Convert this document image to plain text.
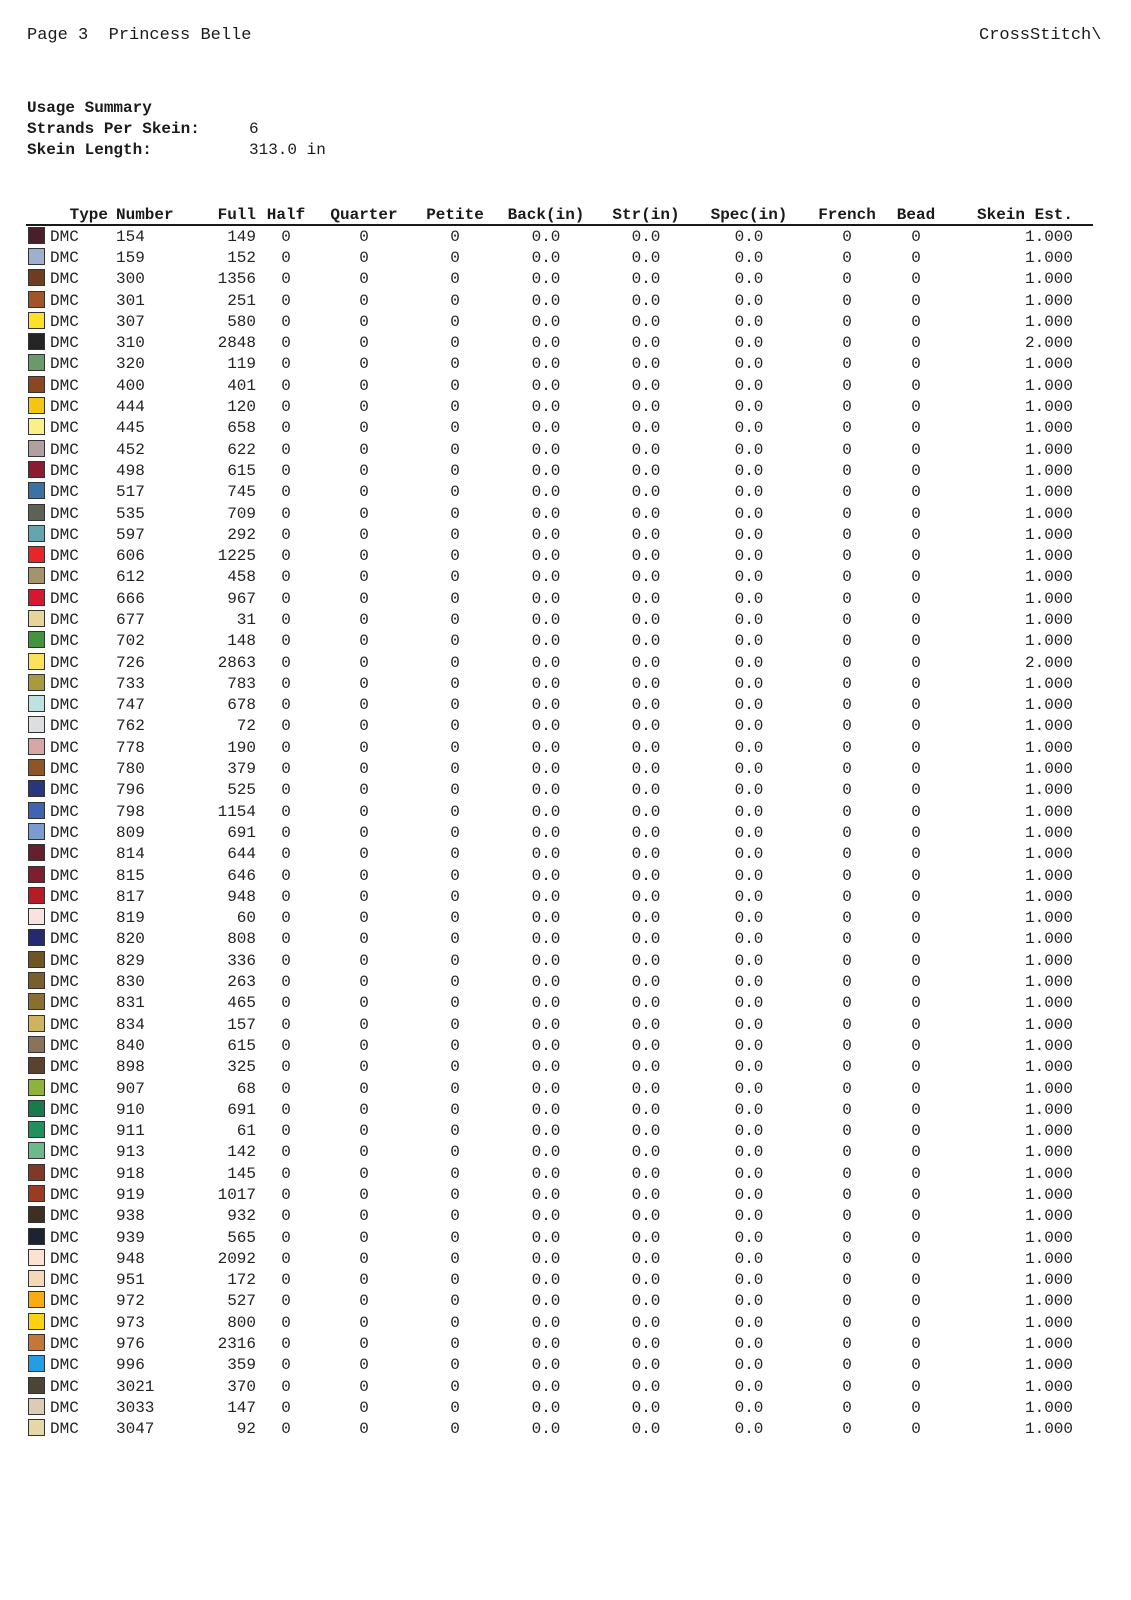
Page 3 Princess Belle	CrossStitch\
Usage Summary
Strands Per Skein:	6
Skein Length:	313.0 in
	Type	Number	Full	Half	Quarter	Petite	Back(in)	Str(in)	Spec(in)	French	Bead	Skein Est.
	DMC	154	149	0	0	0	0.0	0.0	0.0	0	0	1.000
	DMC	159	152	0	0	0	0.0	0.0	0.0	0	0	1.000
	DMC	300	1356	0	0	0	0.0	0.0	0.0	0	0	1.000
	DMC	301	251	0	0	0	0.0	0.0	0.0	0	0	1.000
	DMC	307	580	0	0	0	0.0	0.0	0.0	0	0	1.000
	DMC	310	2848	0	0	0	0.0	0.0	0.0	0	0	2.000
	DMC	320	119	0	0	0	0.0	0.0	0.0	0	0	1.000
	DMC	400	401	0	0	0	0.0	0.0	0.0	0	0	1.000
	DMC	444	120	0	0	0	0.0	0.0	0.0	0	0	1.000
	DMC	445	658	0	0	0	0.0	0.0	0.0	0	0	1.000
	DMC	452	622	0	0	0	0.0	0.0	0.0	0	0	1.000
	DMC	498	615	0	0	0	0.0	0.0	0.0	0	0	1.000
	DMC	517	745	0	0	0	0.0	0.0	0.0	0	0	1.000
	DMC	535	709	0	0	0	0.0	0.0	0.0	0	0	1.000
	DMC	597	292	0	0	0	0.0	0.0	0.0	0	0	1.000
	DMC	606	1225	0	0	0	0.0	0.0	0.0	0	0	1.000
	DMC	612	458	0	0	0	0.0	0.0	0.0	0	0	1.000
	DMC	666	967	0	0	0	0.0	0.0	0.0	0	0	1.000
	DMC	677	31	0	0	0	0.0	0.0	0.0	0	0	1.000
	DMC	702	148	0	0	0	0.0	0.0	0.0	0	0	1.000
	DMC	726	2863	0	0	0	0.0	0.0	0.0	0	0	2.000
	DMC	733	783	0	0	0	0.0	0.0	0.0	0	0	1.000
	DMC	747	678	0	0	0	0.0	0.0	0.0	0	0	1.000
	DMC	762	72	0	0	0	0.0	0.0	0.0	0	0	1.000
	DMC	778	190	0	0	0	0.0	0.0	0.0	0	0	1.000
	DMC	780	379	0	0	0	0.0	0.0	0.0	0	0	1.000
	DMC	796	525	0	0	0	0.0	0.0	0.0	0	0	1.000
	DMC	798	1154	0	0	0	0.0	0.0	0.0	0	0	1.000
	DMC	809	691	0	0	0	0.0	0.0	0.0	0	0	1.000
	DMC	814	644	0	0	0	0.0	0.0	0.0	0	0	1.000
	DMC	815	646	0	0	0	0.0	0.0	0.0	0	0	1.000
	DMC	817	948	0	0	0	0.0	0.0	0.0	0	0	1.000
	DMC	819	60	0	0	0	0.0	0.0	0.0	0	0	1.000
	DMC	820	808	0	0	0	0.0	0.0	0.0	0	0	1.000
	DMC	829	336	0	0	0	0.0	0.0	0.0	0	0	1.000
	DMC	830	263	0	0	0	0.0	0.0	0.0	0	0	1.000
	DMC	831	465	0	0	0	0.0	0.0	0.0	0	0	1.000
	DMC	834	157	0	0	0	0.0	0.0	0.0	0	0	1.000
	DMC	840	615	0	0	0	0.0	0.0	0.0	0	0	1.000
	DMC	898	325	0	0	0	0.0	0.0	0.0	0	0	1.000
	DMC	907	68	0	0	0	0.0	0.0	0.0	0	0	1.000
	DMC	910	691	0	0	0	0.0	0.0	0.0	0	0	1.000
	DMC	911	61	0	0	0	0.0	0.0	0.0	0	0	1.000
	DMC	913	142	0	0	0	0.0	0.0	0.0	0	0	1.000
	DMC	918	145	0	0	0	0.0	0.0	0.0	0	0	1.000
	DMC	919	1017	0	0	0	0.0	0.0	0.0	0	0	1.000
	DMC	938	932	0	0	0	0.0	0.0	0.0	0	0	1.000
	DMC	939	565	0	0	0	0.0	0.0	0.0	0	0	1.000
	DMC	948	2092	0	0	0	0.0	0.0	0.0	0	0	1.000
	DMC	951	172	0	0	0	0.0	0.0	0.0	0	0	1.000
	DMC	972	527	0	0	0	0.0	0.0	0.0	0	0	1.000
	DMC	973	800	0	0	0	0.0	0.0	0.0	0	0	1.000
	DMC	976	2316	0	0	0	0.0	0.0	0.0	0	0	1.000
	DMC	996	359	0	0	0	0.0	0.0	0.0	0	0	1.000
	DMC	3021	370	0	0	0	0.0	0.0	0.0	0	0	1.000
	DMC	3033	147	0	0	0	0.0	0.0	0.0	0	0	1.000
	DMC	3047	92	0	0	0	0.0	0.0	0.0	0	0	1.000
